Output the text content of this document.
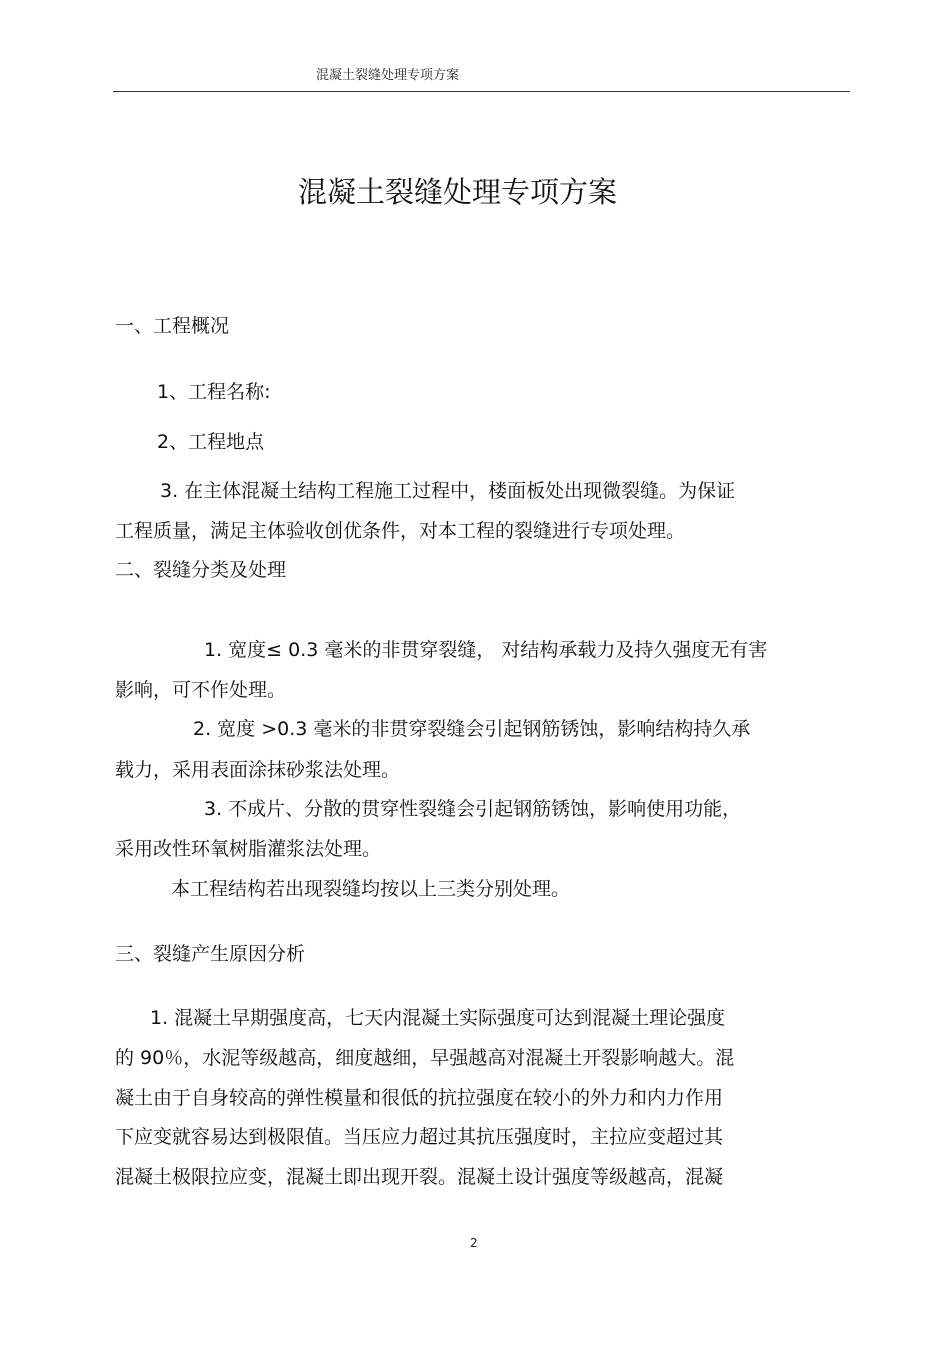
混凝土裂缝处理专项方案
混凝土裂缝处理专项方案
一、工程概况
1、工程名称:
2、工程地点
3. 在主体混凝土结构工程施工过程中，楼面板处出现微裂缝。为保证
工程质量，满足主体验收创优条件，对本工程的裂缝进行专项处理。
二、裂缝分类及处理
1. 宽度≤ 0.3 毫米的非贯穿裂缝， 对结构承载力及持久强度无有害
影响，可不作处理。
2. 宽度 >0.3 毫米的非贯穿裂缝会引起钢筋锈蚀，影响结构持久承
载力，采用表面涂抹砂浆法处理。
3. 不成片、分散的贯穿性裂缝会引起钢筋锈蚀，影响使用功能，
采用改性环氧树脂灌浆法处理。
本工程结构若出现裂缝均按以上三类分别处理。
三、裂缝产生原因分析
1. 混凝土早期强度高，七天内混凝土实际强度可达到混凝土理论强度
的 90％，水泥等级越高，细度越细，早强越高对混凝土开裂影响越大。混
凝土由于自身较高的弹性模量和很低的抗拉强度在较小的外力和内力作用
下应变就容易达到极限值。当压应力超过其抗压强度时，主拉应变超过其
混凝土极限拉应变，混凝土即出现开裂。混凝土设计强度等级越高，混凝
2
